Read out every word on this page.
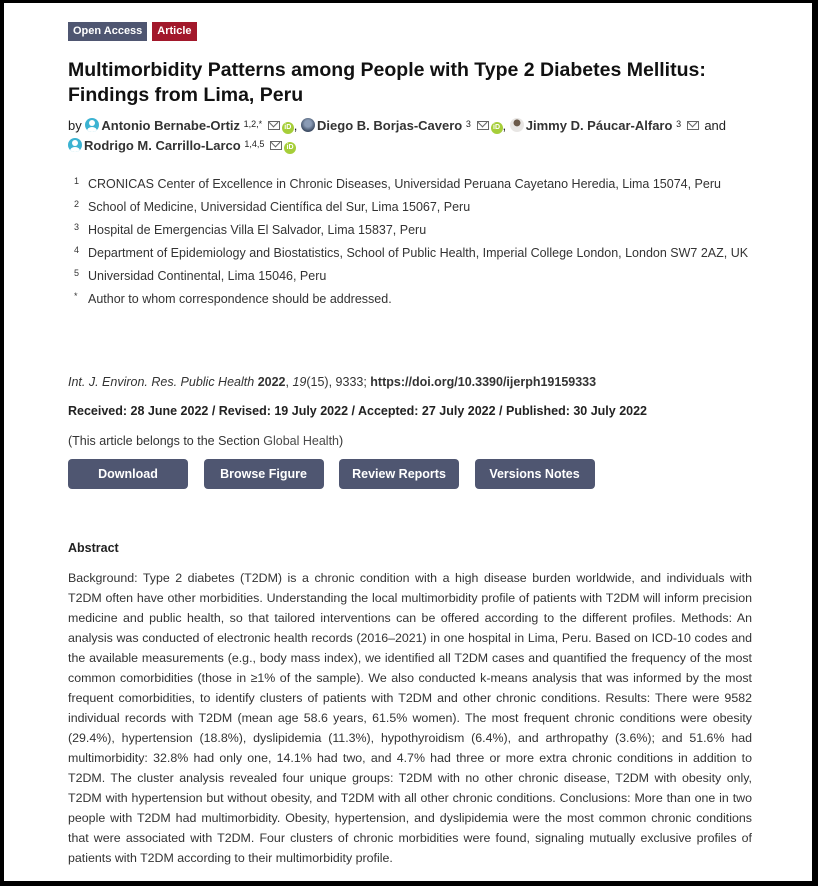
Open Access	Article
Multimorbidity Patterns among People with Type 2 Diabetes Mellitus: Findings from Lima, Peru
by Antonio Bernabe-Ortiz $^{1,2,*}$	iD , Diego B. Borjas-Cavero $^3$	iD , Jimmy D. Páucar-Alfaro $^3$ and
Rodrigo M. Carrillo-Larco $^{1,4,5}$	iD
1 CRONICAS Center of Excellence in Chronic Diseases, Universidad Peruana Cayetano Heredia, Lima 15074, Peru
2 School of Medicine, Universidad Científica del Sur, Lima 15067, Peru
3 Hospital de Emergencias Villa El Salvador, Lima 15837, Peru
4 Department of Epidemiology and Biostatistics, School of Public Health, Imperial College London, London SW7 2AZ, UK
5 Universidad Continental, Lima 15046, Peru
* Author to whom correspondence should be addressed.
Int. J. Environ. Res. Public Health 2022, 19(15), 9333; https://doi.org/10.3390/ijerph19159333
Received: 28 June 2022 / Revised: 19 July 2022 / Accepted: 27 July 2022 / Published: 30 July 2022
(This article belongs to the Section Global Health)
Download	Browse Figure	Review Reports	Versions Notes
Abstract

Background: Type 2 diabetes (T2DM) is a chronic condition with a high disease burden worldwide, and individuals with T2DM often have other morbidities. Understanding the local multimorbidity profile of patients with T2DM will inform precision medicine and public health, so that tailored interventions can be offered according to the different profiles. Methods: An analysis was conducted of electronic health records (2016–2021) in one hospital in Lima, Peru. Based on ICD-10 codes and the available measurements (e.g., body mass index), we identified all T2DM cases and quantified the frequency of the most common comorbidities (those in ≥1% of the sample). We also conducted k-means analysis that was informed by the most frequent comorbidities, to identify clusters of patients with T2DM and other chronic conditions. Results: There were 9582 individual records with T2DM (mean age 58.6 years, 61.5% women). The most frequent chronic conditions were obesity (29.4%), hypertension (18.8%), dyslipidemia (11.3%), hypothyroidism (6.4%), and arthropathy (3.6%); and 51.6% had multimorbidity: 32.8% had only one, 14.1% had two, and 4.7% had three or more extra chronic conditions in addition to T2DM. The cluster analysis revealed four unique groups: T2DM with no other chronic disease, T2DM with obesity only, T2DM with hypertension but without obesity, and T2DM with all other chronic conditions. Conclusions: More than one in two people with T2DM had multimorbidity. Obesity, hypertension, and dyslipidemia were the most common chronic conditions that were associated with T2DM. Four clusters of chronic morbidities were found, signaling mutually exclusive profiles of patients with T2DM according to their multimorbidity profile.
